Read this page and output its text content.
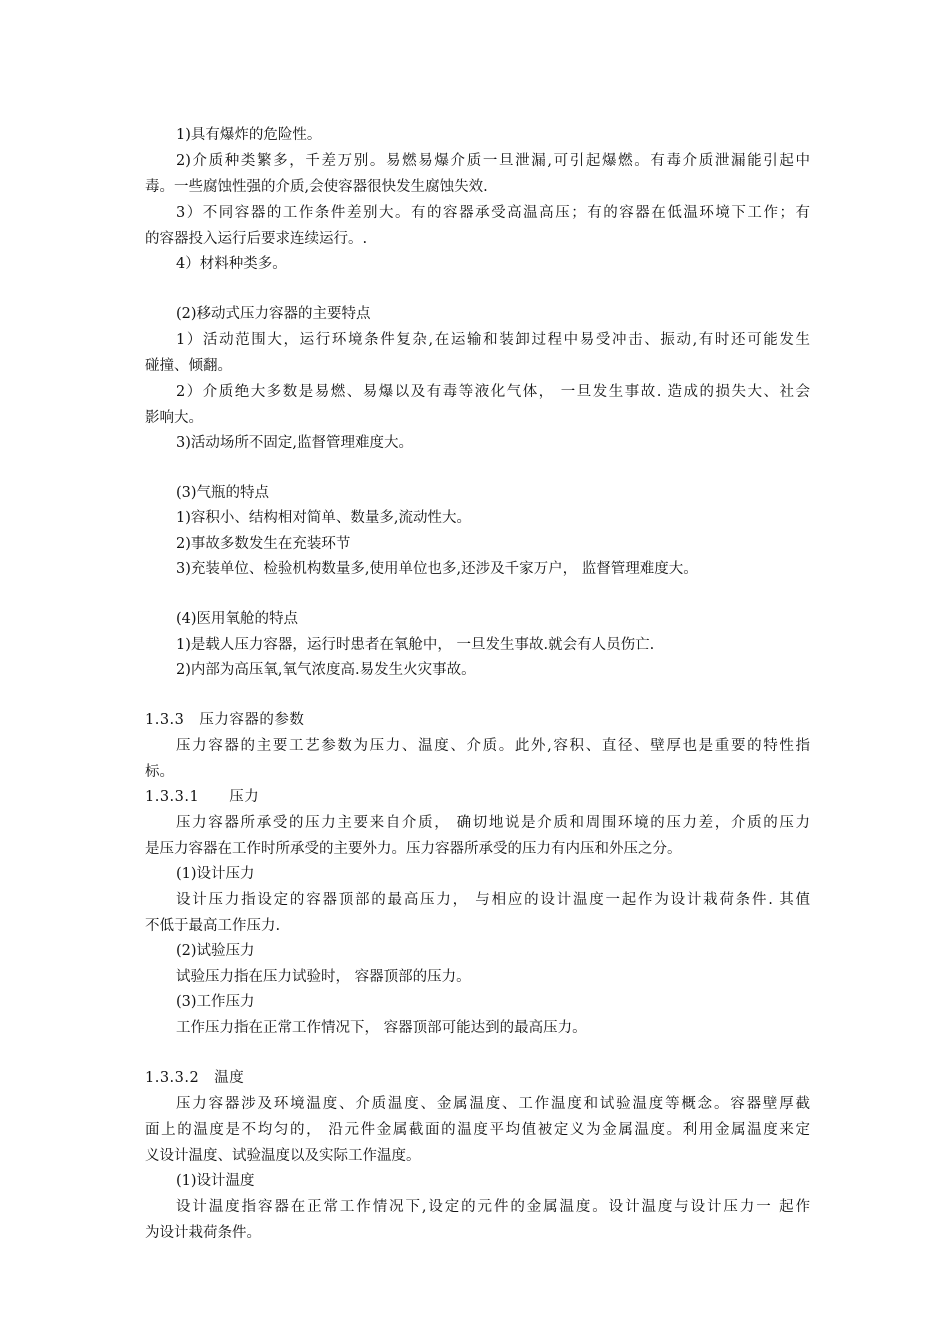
1)具有爆炸的危险性。
2)介质种类繁多，千差万别。易燃易爆介质一旦泄漏,可引起爆燃。有毒介质泄漏能引起中
毒。一些腐蚀性强的介质,会使容器很快发生腐蚀失效.
3）不同容器的工作条件差别大。有的容器承受高温高压；有的容器在低温环境下工作；有
的容器投入运行后要求连续运行。.
4）材料种类多。
(2)移动式压力容器的主要特点
1）活动范围大，运行环境条件复杂,在运输和装卸过程中易受冲击、振动,有时还可能发生
碰撞、倾翻。
2）介质绝大多数是易燃、易爆以及有毒等液化气体， 一旦发生事故. 造成的损失大、社会
影响大。
3)活动场所不固定,监督管理难度大。
(3)气瓶的特点
1)容积小、结构相对简单、数量多,流动性大。
2)事故多数发生在充装环节
3)充装单位、检验机构数量多,使用单位也多,还涉及千家万户， 监督管理难度大。
(4)医用氧舱的特点
1)是载人压力容器，运行时患者在氧舱中， 一旦发生事故.就会有人员伤亡.
2)内部为高压氧,氧气浓度高.易发生火灾事故。
1.3.3　压力容器的参数
压力容器的主要工艺参数为压力、温度、介质。此外,容积、直径、壁厚也是重要的特性指
标。
1.3.3.1　　压力
压力容器所承受的压力主要来自介质， 确切地说是介质和周围环境的压力差，介质的压力
是压力容器在工作时所承受的主要外力。压力容器所承受的压力有内压和外压之分。
(1)设计压力
设计压力指设定的容器顶部的最高压力， 与相应的设计温度一起作为设计栽荷条件. 其值
不低于最高工作压力.
(2)试验压力
试验压力指在压力试验时， 容器顶部的压力。
(3)工作压力
工作压力指在正常工作情况下， 容器顶部可能达到的最高压力。
1.3.3.2　温度
压力容器涉及环境温度、介质温度、金属温度、工作温度和试验温度等概念。容器壁厚截
面上的温度是不均匀的， 沿元件金属截面的温度平均值被定义为金属温度。利用金属温度来定
义设计温度、试验温度以及实际工作温度。
(1)设计温度
设计温度指容器在正常工作情况下,设定的元件的金属温度。设计温度与设计压力一 起作
为设计栽荷条件。
